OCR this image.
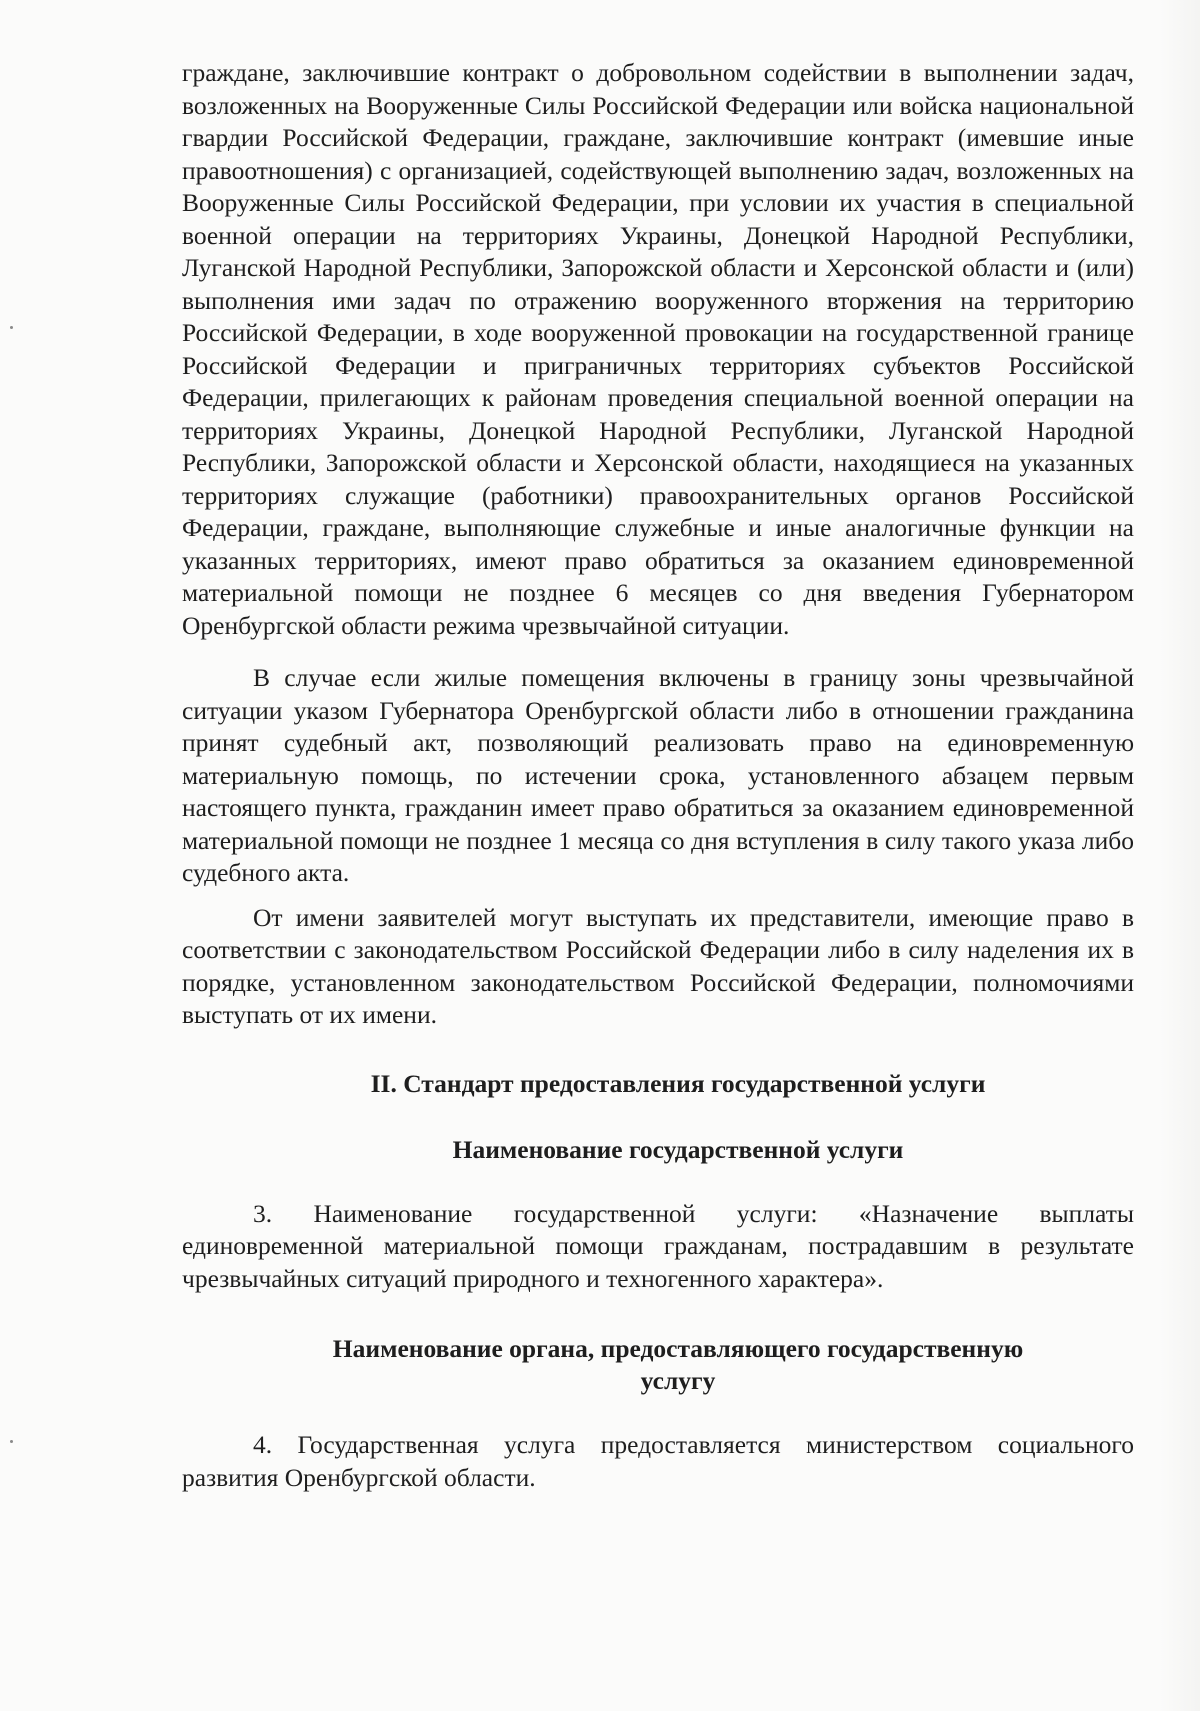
граждане, заключившие контракт о добровольном содействии в выполнении задач, возложенных на Вооруженные Силы Российской Федерации или войска национальной гвардии Российской Федерации, граждане, заключившие контракт (имевшие иные правоотношения) с организацией, содействующей выполнению задач, возложенных на Вооруженные Силы Российской Федерации, при условии их участия в специальной военной операции на территориях Украины, Донецкой Народной Республики, Луганской Народной Республики, Запорожской области и Херсонской области и (или) выполнения ими задач по отражению вооруженного вторжения на территорию Российской Федерации, в ходе вооруженной провокации на государственной границе Российской Федерации и приграничных территориях субъектов Российской Федерации, прилегающих к районам проведения специальной военной операции на территориях Украины, Донецкой Народной Республики, Луганской Народной Республики, Запорожской области и Херсонской области, находящиеся на указанных территориях служащие (работники) правоохранительных органов Российской Федерации, граждане, выполняющие служебные и иные аналогичные функции на указанных территориях, имеют право обратиться за оказанием единовременной материальной помощи не позднее 6 месяцев со дня введения Губернатором Оренбургской области режима чрезвычайной ситуации.

В случае если жилые помещения включены в границу зоны чрезвычайной ситуации указом Губернатора Оренбургской области либо в отношении гражданина принят судебный акт, позволяющий реализовать право на единовременную материальную помощь, по истечении срока, установленного абзацем первым настоящего пункта, гражданин имеет право обратиться за оказанием единовременной материальной помощи не позднее 1 месяца со дня вступления в силу такого указа либо судебного акта.

От имени заявителей могут выступать их представители, имеющие право в соответствии с законодательством Российской Федерации либо в силу наделения их в порядке, установленном законодательством Российской Федерации, полномочиями выступать от их имени.

II. Стандарт предоставления государственной услуги

Наименование государственной услуги

3. Наименование государственной услуги: «Назначение выплаты единовременной материальной помощи гражданам, пострадавшим в результате чрезвычайных ситуаций природного и техногенного характера».

Наименование органа, предоставляющего государственную
услугу

4. Государственная услуга предоставляется министерством социального развития Оренбургской области.
